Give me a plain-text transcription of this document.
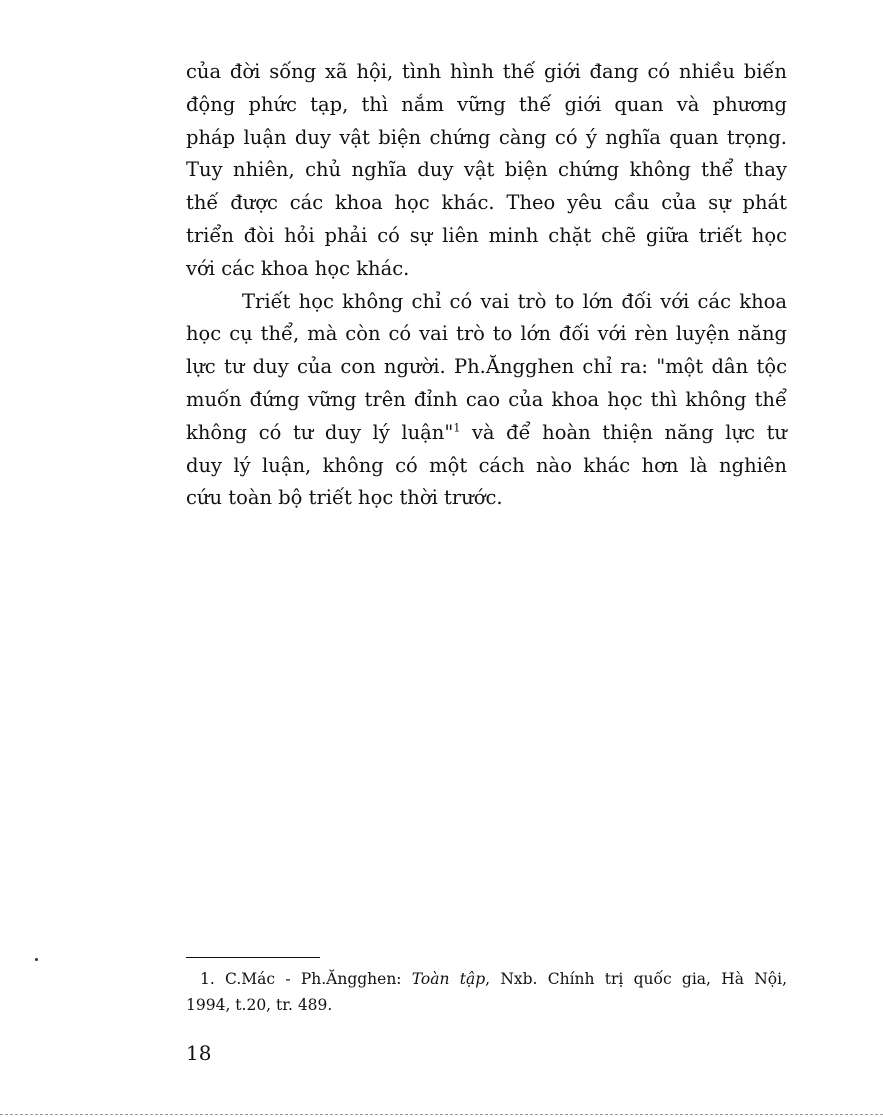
của đời sống xã hội, tình hình thế giới đang có nhiều biến
động phức tạp, thì nắm vững thế giới quan và phương
pháp luận duy vật biện chứng càng có ý nghĩa quan trọng.
Tuy nhiên, chủ nghĩa duy vật biện chứng không thể thay
thế được các khoa học khác. Theo yêu cầu của sự phát
triển đòi hỏi phải có sự liên minh chặt chẽ giữa triết học
với các khoa học khác.
Triết học không chỉ có vai trò to lớn đối với các khoa
học cụ thể, mà còn có vai trò to lớn đối với rèn luyện năng
lực tư duy của con người. Ph.Ăngghen chỉ ra: "một dân tộc
muốn đứng vững trên đỉnh cao của khoa học thì không thể
không có tư duy lý luận"$^1$ và để hoàn thiện năng lực tư
duy lý luận, không có một cách nào khác hơn là nghiên
cứu toàn bộ triết học thời trước.
1. C.Mác - Ph.Ăngghen: Toàn tập, Nxb. Chính trị quốc gia, Hà Nội,
1994, t.20, tr. 489.
18
